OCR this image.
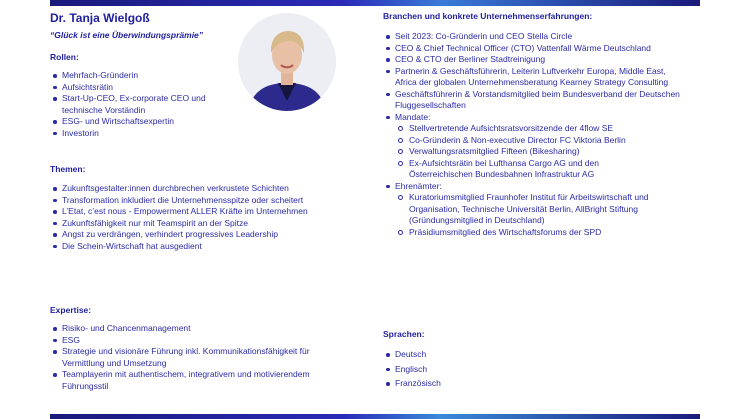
Dr. Tanja Wielgoß
“Glück ist eine Überwindungsprämie”
Rollen:
Mehrfach-Gründerin
Aufsichtsrätin
Start-Up-CEO, Ex-corporate CEO und technische Vorständin
ESG- und Wirtschaftsexpertin
Investorin
Themen:
Zukunftsgestalter:innen durchbrechen verkrustete Schichten
Transformation inkludiert die Unternehmensspitze oder scheitert
L’Etat, c’est nous - Empowerment ALLER Kräfte im Unternehmen
Zukunftsfähigkeit nur mit Teamspirit an der Spitze
Angst zu verdrängen, verhindert progressives Leadership
Die Schein-Wirtschaft hat ausgedient
Expertise:
Risiko- und Chancenmanagement
ESG
Strategie und visionäre Führung inkl. Kommunikationsfähigkeit für Vermittlung und Umsetzung
Teamplayerin mit authentischem, integrativem und motivierendem Führungsstil
Branchen und konkrete Unternehmenserfahrungen:
Seit 2023: Co-Gründerin und CEO Stella Circle
CEO & Chief Technical Officer (CTO) Vattenfall Wärme Deutschland
CEO & CTO der Berliner Stadtreinigung
Partnerin & Geschäftsführerin, Leiterin Luftverkehr Europa, Middle East, Africa der globalen Unternehmensberatung Kearney Strategy Consulting
Geschäftsführerin & Vorstandsmitglied beim Bundesverband der Deutschen Fluggesellschaften
Mandate:
Stellvertretende Aufsichtsratsvorsitzende der 4flow SE
Co-Gründerin & Non-executive Director FC Viktoria Berlin
Verwaltungsratsmitglied Fifteen (Bikesharing)
Ex-Aufsichtsrätin bei Lufthansa Cargo AG und den Österreichischen Bundesbahnen Infrastruktur AG
Ehrenämter:
Kuratoriumsmitglied Fraunhofer Institut für Arbeitswirtschaft und Organisation, Technische Universität Berlin, AllBright Stiftung (Gründungsmitglied in Deutschland)
Präsidiumsmitglied des Wirtschaftsforums der SPD
Sprachen:
Deutsch
Englisch
Französisch
